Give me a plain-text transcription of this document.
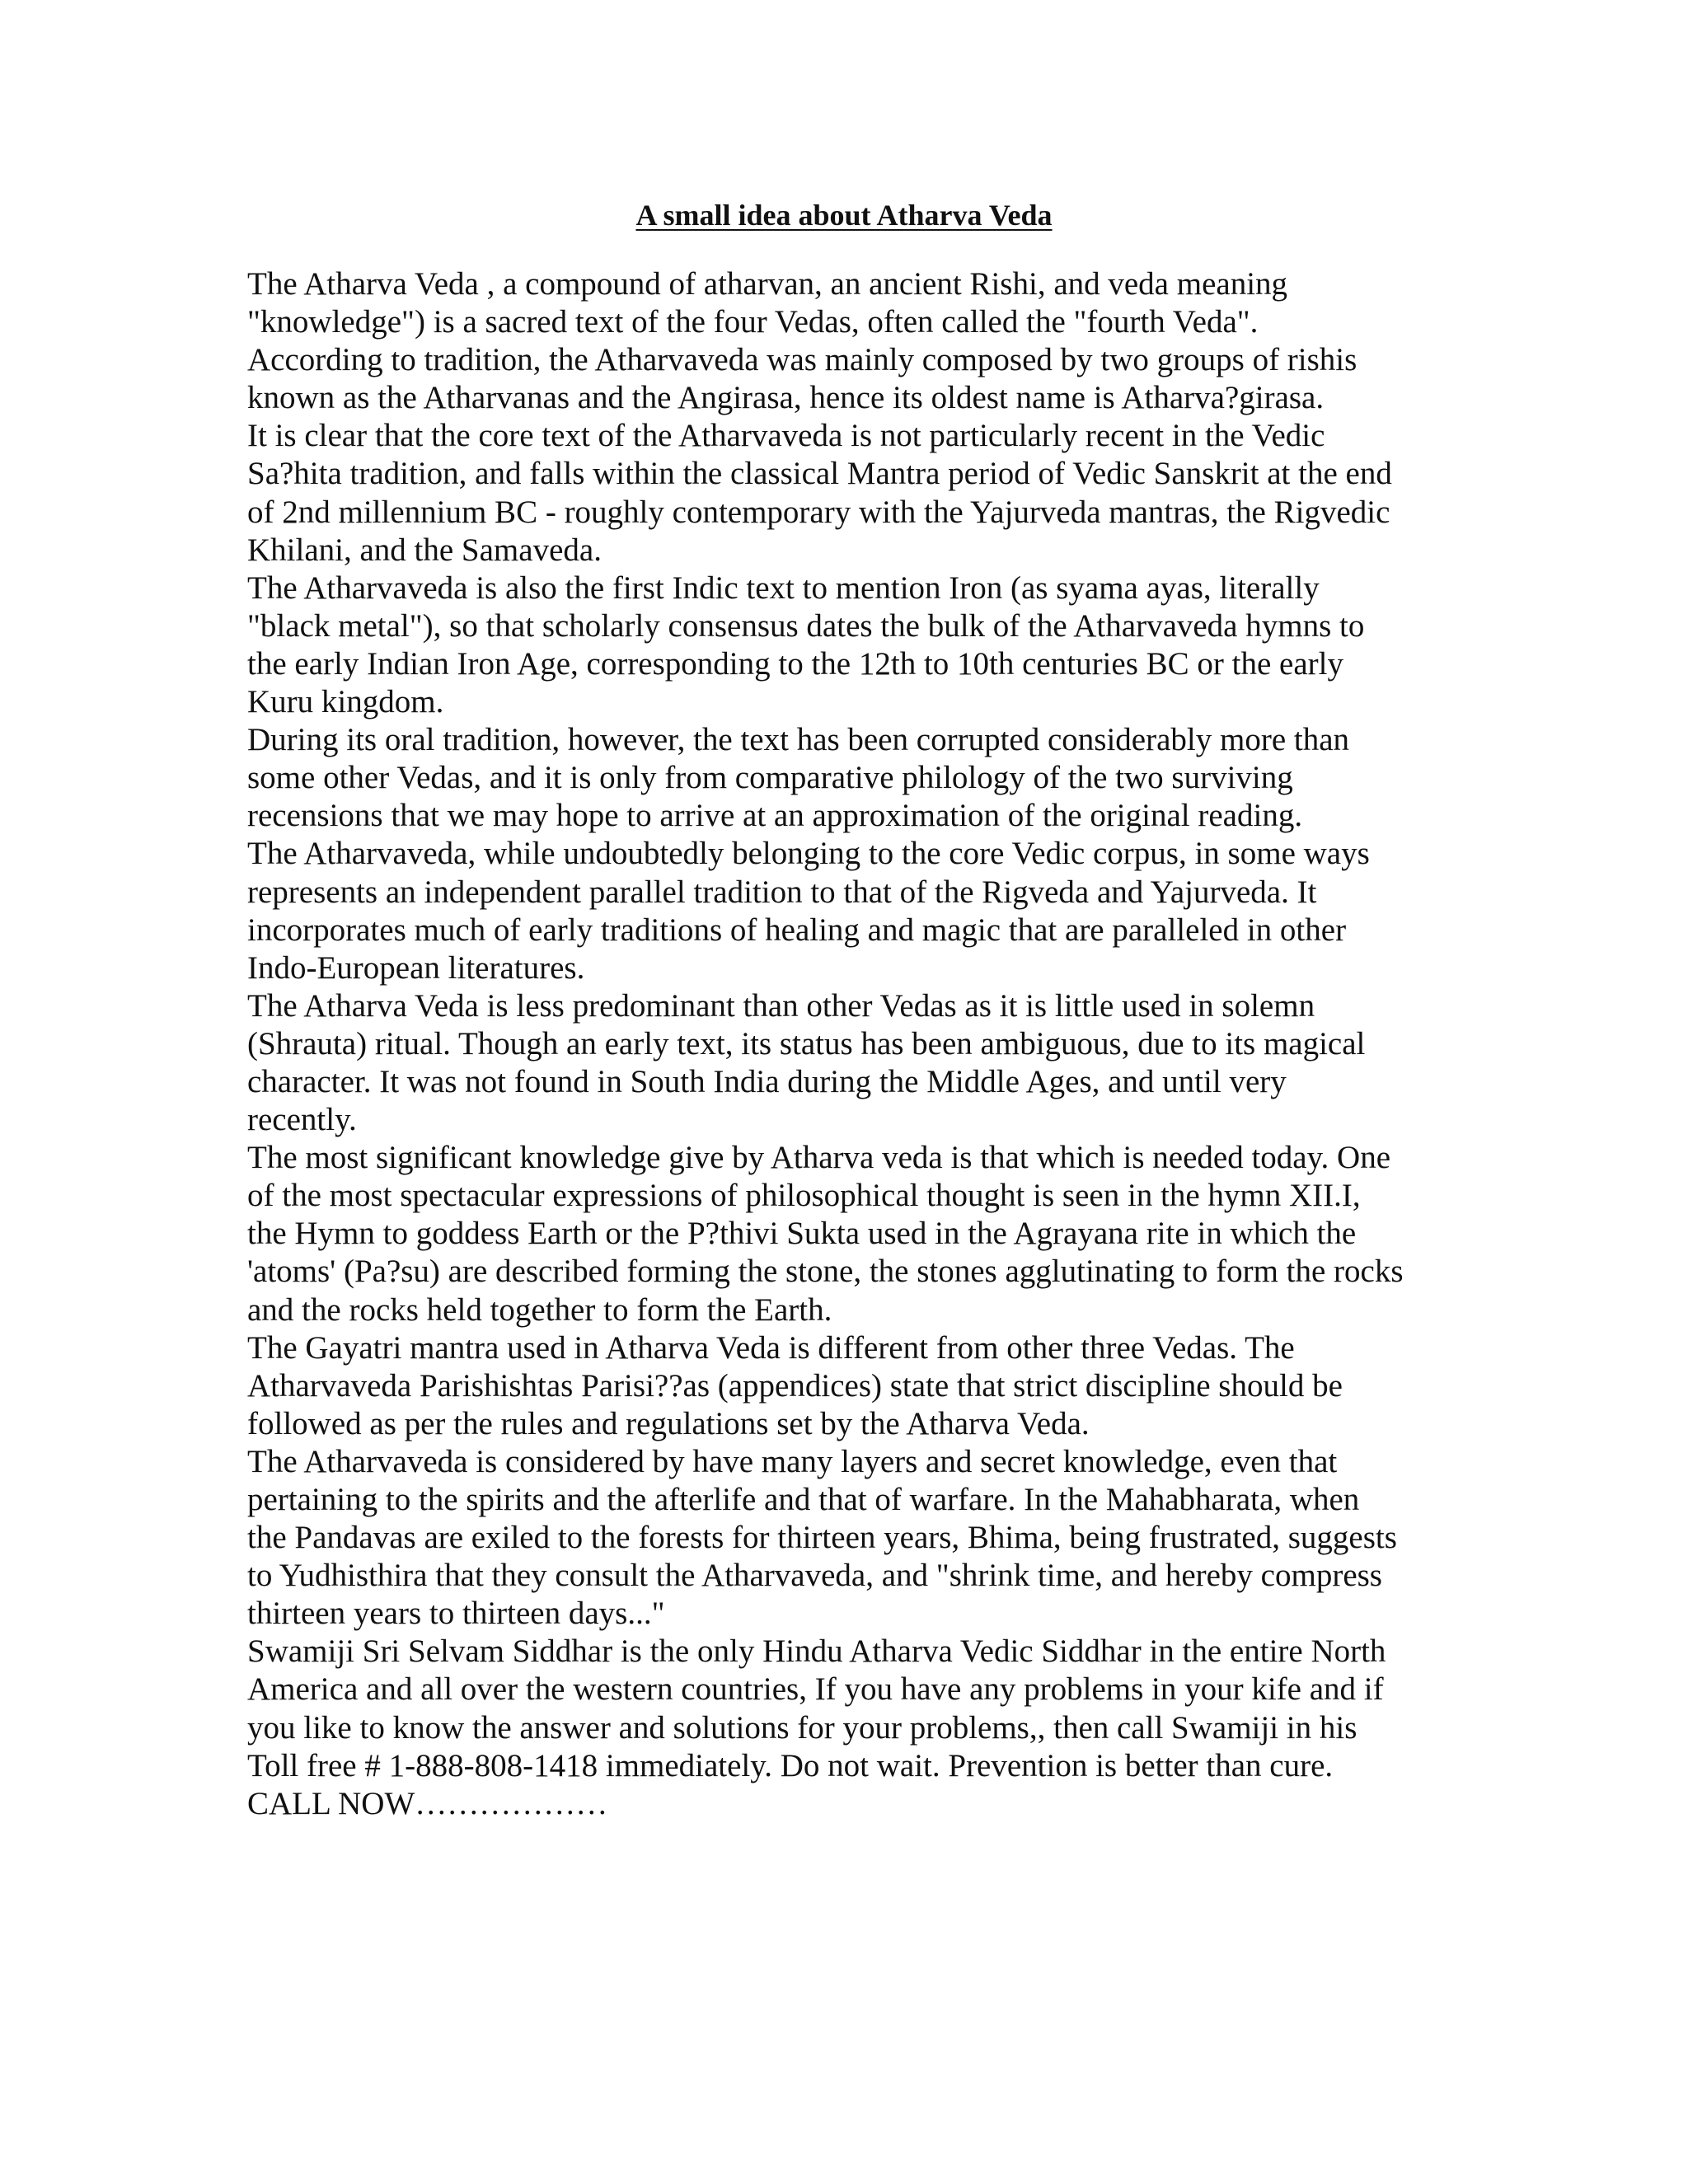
A small idea about Atharva Veda
The Atharva Veda , a compound of atharvan, an ancient Rishi, and veda meaning
"knowledge") is a sacred text of the four Vedas, often called the "fourth Veda".
According to tradition, the Atharvaveda was mainly composed by two groups of rishis
known as the Atharvanas and the Angirasa, hence its oldest name is Atharva?girasa.
It is clear that the core text of the Atharvaveda is not particularly recent in the Vedic
Sa?hita tradition, and falls within the classical Mantra period of Vedic Sanskrit at the end
of 2nd millennium BC - roughly contemporary with the Yajurveda mantras, the Rigvedic
Khilani, and the Samaveda.
The Atharvaveda is also the first Indic text to mention Iron (as syama ayas, literally
"black metal"), so that scholarly consensus dates the bulk of the Atharvaveda hymns to
the early Indian Iron Age, corresponding to the 12th to 10th centuries BC or the early
Kuru kingdom.
During its oral tradition, however, the text has been corrupted considerably more than
some other Vedas, and it is only from comparative philology of the two surviving
recensions that we may hope to arrive at an approximation of the original reading.
The Atharvaveda, while undoubtedly belonging to the core Vedic corpus, in some ways
represents an independent parallel tradition to that of the Rigveda and Yajurveda. It
incorporates much of early traditions of healing and magic that are paralleled in other
Indo-European literatures.
The Atharva Veda is less predominant than other Vedas as it is little used in solemn
(Shrauta) ritual. Though an early text, its status has been ambiguous, due to its magical
character. It was not found in South India during the Middle Ages, and until very
recently.
The most significant knowledge give by Atharva veda is that which is needed today. One
of the most spectacular expressions of philosophical thought is seen in the hymn XII.I,
the Hymn to goddess Earth or the P?thivi Sukta used in the Agrayana rite in which the
'atoms' (Pa?su) are described forming the stone, the stones agglutinating to form the rocks
and the rocks held together to form the Earth.
The Gayatri mantra used in Atharva Veda is different from other three Vedas. The
Atharvaveda Parishishtas Parisi??as (appendices) state that strict discipline should be
followed as per the rules and regulations set by the Atharva Veda.
The Atharvaveda is considered by have many layers and secret knowledge, even that
pertaining to the spirits and the afterlife and that of warfare. In the Mahabharata, when
the Pandavas are exiled to the forests for thirteen years, Bhima, being frustrated, suggests
to Yudhisthira that they consult the Atharvaveda, and "shrink time, and hereby compress
thirteen years to thirteen days..."
Swamiji Sri Selvam Siddhar is the only Hindu Atharva Vedic Siddhar in the entire North
America and all over the western countries, If you have any problems in your kife and if
you like to know the answer and solutions for your problems,, then call Swamiji in his
Toll free # 1-888-808-1418 immediately. Do not wait. Prevention is better than cure.
CALL NOW………………
